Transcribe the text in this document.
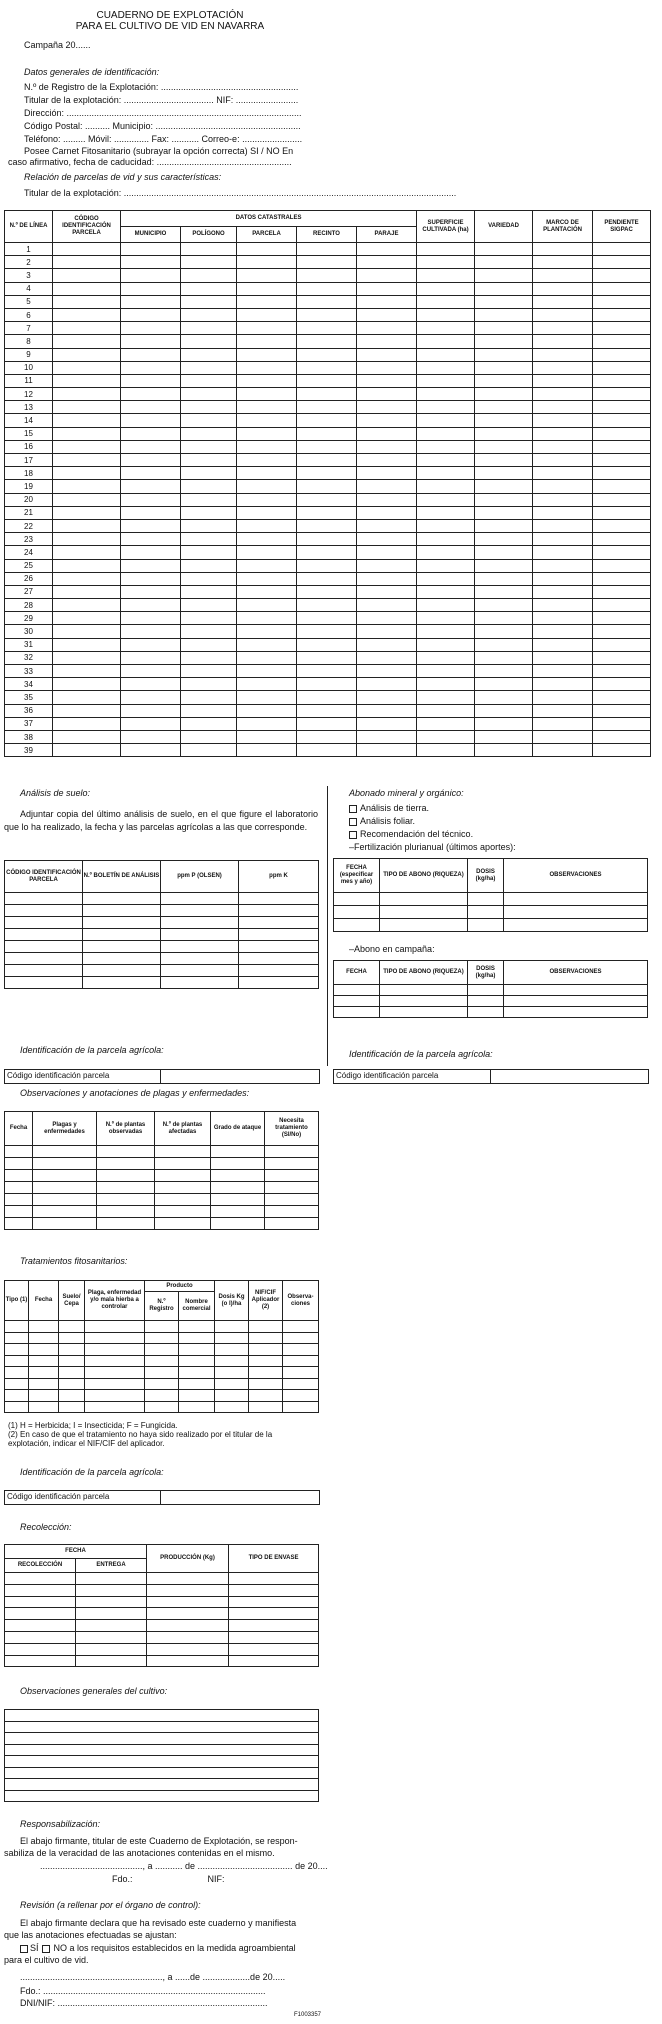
CUADERNO DE EXPLOTACIÓN
PARA EL CULTIVO DE VID EN NAVARRA
Campaña 20......
Datos generales de identificación:
N.º de Registro de la Explotación: .......................................................
Titular de la explotación: .................................... NIF: .........................
Dirección: ..............................................................................................
Código Postal: .......... Municipio: ..........................................................
Teléfono: ......... Móvil: .............. Fax: ........... Correo-e: ........................
Posee Carnet Fitosanitario (subrayar la opción correcta) SI / NO En
caso afirmativo, fecha de caducidad: ......................................................
Relación de parcelas de vid y sus características:
Titular de la explotación: .....................................................................................................................................
N.º DE LÍNEA	CÓDIGO IDENTIFICACIÓN PARCELA	DATOS CATASTRALES					SUPERFICIE CULTIVADA (ha)	VARIEDAD	MARCO DE PLANTACIÓN	PENDIENTE SIGPAC
		MUNICIPIO	POLÍGONO	PARCELA	RECINTO	PARAJE				
1										
2										
3										
4										
5										
6										
7										
8										
9										
10										
11										
12										
13										
14										
15										
16										
17										
18										
19										
20										
21										
22										
23										
24										
25										
26										
27										
28										
29										
30										
31										
32										
33										
34										
35										
36										
37										
38										
39										
Análisis de suelo:
Adjuntar copia del último análisis de suelo, en el que figure el laboratorio que lo ha realizado, la fecha y las parcelas agrícolas a las que corresponde.
CÓDIGO IDENTIFICACIÓN PARCELA	N.º BOLETÍN DE ANÁLISIS	ppm P (OLSEN)	ppm K

Abonado mineral y orgánico:
Análisis de tierra.
Análisis foliar.
Recomendación del técnico.
–Fertilización plurianual (últimos aportes):
FECHA (especificar mes y año)	TIPO DE ABONO (RIQUEZA)	DOSIS (kg/ha)	OBSERVACIONES

–Abono en campaña:
FECHA	TIPO DE ABONO (RIQUEZA)	DOSIS (kg/ha)	OBSERVACIONES

Identificación de la parcela agrícola:
Código identificación parcela
Identificación de la parcela agrícola:
Código identificación parcela
Observaciones y anotaciones de plagas y enfermedades:
Fecha	Plagas y enfermedades	N.º de plantas observadas	N.º de plantas afectadas	Grado de ataque	Necesita tratamiento (SI/No)

Tratamientos fitosanitarios:
Tipo (1)	Fecha	Suelo/ Cepa	Plaga, enfermedad y/o mala hierba a controlar	Producto		Dosis Kg (o l)/ha	NIF/CIF Aplicador (2)	Observa- ciones
				N.º Registro	Nombre comercial			

(1) H = Herbicida; I = Insecticida; F = Fungicida.
(2) En caso de que el tratamiento no haya sido realizado por el titular de la
explotación, indicar el NIF/CIF del aplicador.
Identificación de la parcela agrícola:
Código identificación parcela
Recolección:
FECHA		PRODUCCIÓN (Kg)	TIPO DE ENVASE
RECOLECCIÓN	ENTREGA		

Observaciones generales del cultivo:

Responsabilización:
El abajo firmante, titular de este Cuaderno de Explotación, se respon-
sabiliza de la veracidad de las anotaciones contenidas en el mismo.
........................................., a ........... de ...................................... de 20....
Fdo.:                              NIF:
Revisión (a rellenar por el órgano de control):
El abajo firmante declara que ha revisado este cuaderno y manifiesta
que las anotaciones efectuadas se ajustan:
SÍ      NO a los requisitos establecidos en la medida agroambiental
para el cultivo de vid.
........................................................., a ......de ...................de 20.....
Fdo.: .........................................................................................
DNI/NIF: ....................................................................................
F1003357
